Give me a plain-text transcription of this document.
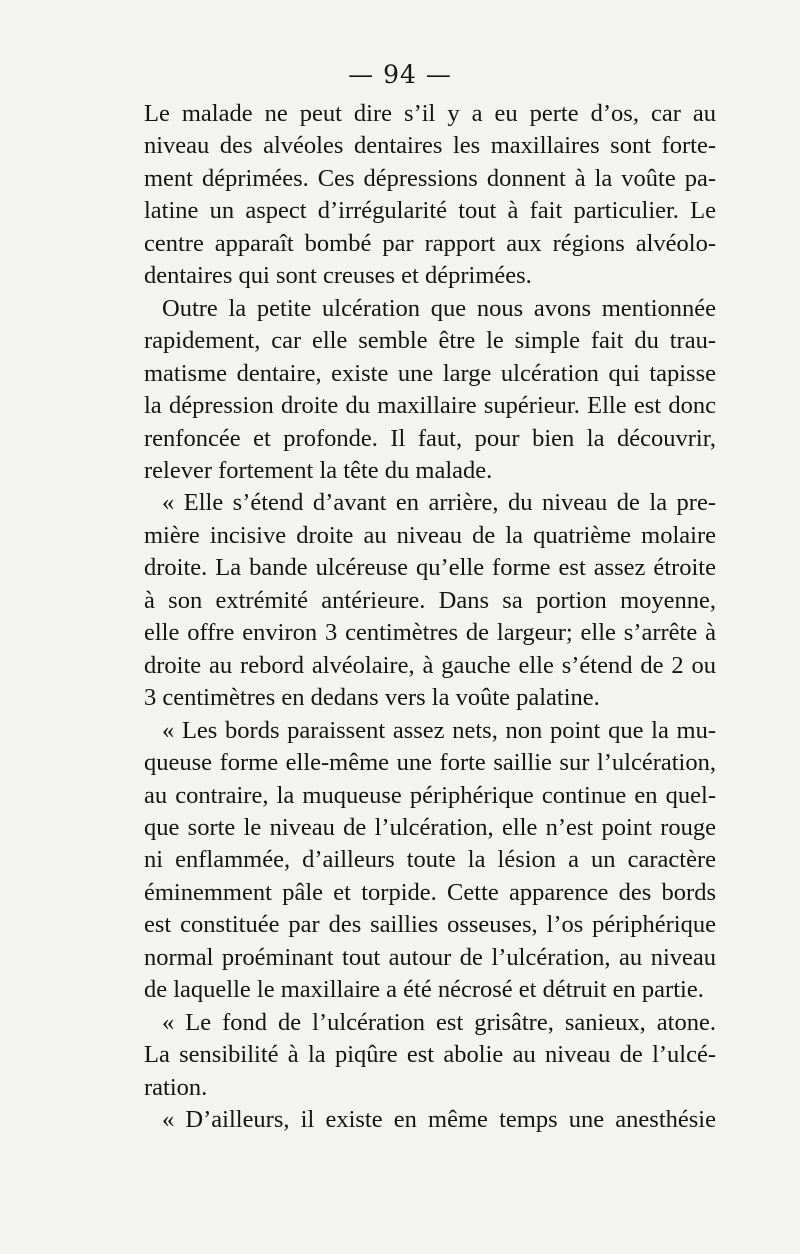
— 94 —
Le malade ne peut dire s’il y a eu perte d’os, car au
niveau des alvéoles dentaires les maxillaires sont forte-
ment déprimées. Ces dépressions donnent à la voûte pa-
latine un aspect d’irrégularité tout à fait particulier. Le
centre apparaît bombé par rapport aux régions alvéolo-
dentaires qui sont creuses et déprimées.
Outre la petite ulcération que nous avons mentionnée
rapidement, car elle semble être le simple fait du trau-
matisme dentaire, existe une large ulcération qui tapisse
la dépression droite du maxillaire supérieur. Elle est donc
renfoncée et profonde. Il faut, pour bien la découvrir,
relever fortement la tête du malade.
« Elle s’étend d’avant en arrière, du niveau de la pre-
mière incisive droite au niveau de la quatrième molaire
droite. La bande ulcéreuse qu’elle forme est assez étroite
à son extrémité antérieure. Dans sa portion moyenne,
elle offre environ 3 centimètres de largeur; elle s’arrête à
droite au rebord alvéolaire, à gauche elle s’étend de 2 ou
3 centimètres en dedans vers la voûte palatine.
« Les bords paraissent assez nets, non point que la mu-
queuse forme elle-même une forte saillie sur l’ulcération,
au contraire, la muqueuse périphérique continue en quel-
que sorte le niveau de l’ulcération, elle n’est point rouge
ni enflammée, d’ailleurs toute la lésion a un caractère
éminemment pâle et torpide. Cette apparence des bords
est constituée par des saillies osseuses, l’os périphérique
normal proéminant tout autour de l’ulcération, au niveau
de laquelle le maxillaire a été nécrosé et détruit en partie.
« Le fond de l’ulcération est grisâtre, sanieux, atone.
La sensibilité à la piqûre est abolie au niveau de l’ulcé-
ration.
« D’ailleurs, il existe en même temps une anesthésie
